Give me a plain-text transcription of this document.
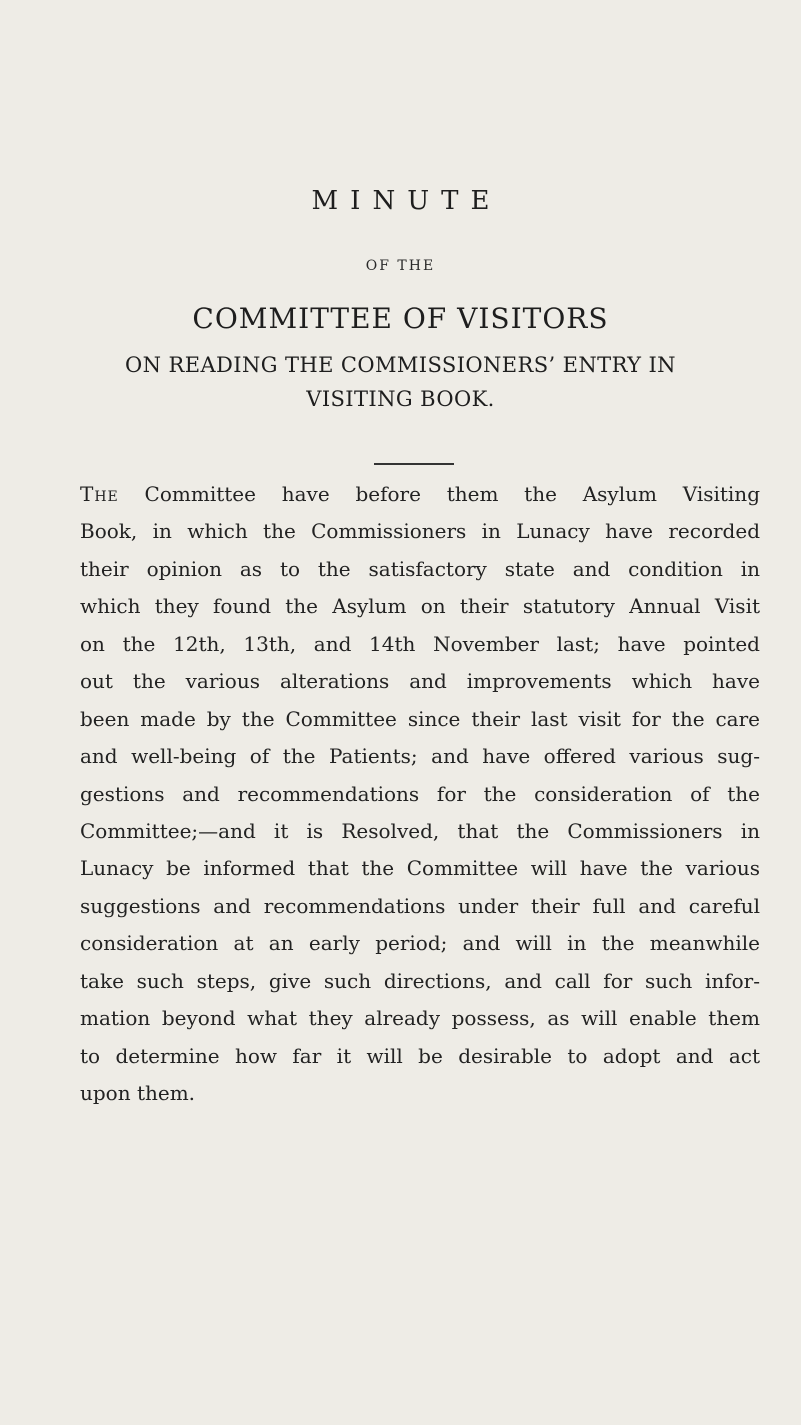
MINUTE
OF THE
COMMITTEE OF VISITORS
ON READING THE COMMISSIONERS’ ENTRY IN
VISITING BOOK.
The Committee have before them the Asylum Visiting
Book, in which the Commissioners in Lunacy have recorded
their opinion as to the satisfactory state and condition in
which they found the Asylum on their statutory Annual Visit
on the 12th, 13th, and 14th November last; have pointed
out the various alterations and improvements which have
been made by the Committee since their last visit for the care
and well-being of the Patients; and have offered various sug-
gestions and recommendations for the consideration of the
Committee;—and it is Resolved, that the Commissioners in
Lunacy be informed that the Committee will have the various
suggestions and recommendations under their full and careful
consideration at an early period; and will in the meanwhile
take such steps, give such directions, and call for such infor-
mation beyond what they already possess, as will enable them
to determine how far it will be desirable to adopt and act
upon them.
